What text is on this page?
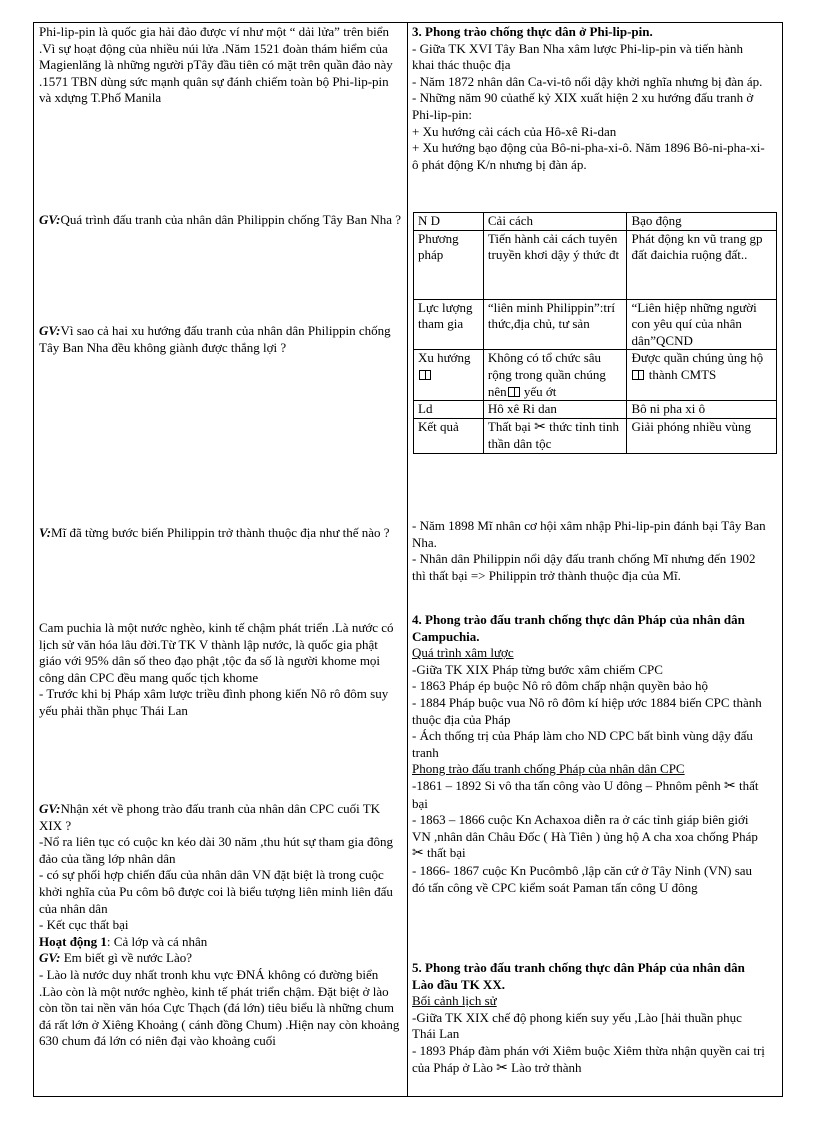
Phi-lip-pin là quốc gia hải đảo được ví như một “ dải lửa” trên biển .Vì sự hoạt động của nhiều núi lửa .Năm 1521 đoàn thám hiểm của Magienlăng là những người pTây đầu tiên có mặt trên quần đảo này .1571 TBN dùng sức mạnh quân sự đánh chiếm toàn bộ Phi-lip-pin và xdựng T.Phố Manila

GV:Quá trình đấu tranh của nhân dân Philippin chống Tây Ban Nha ?

GV:Vì sao cả hai xu hướng đấu tranh của nhân dân Philippin chống Tây Ban Nha đều không giành được thắng lợi ?

V:Mĩ đã từng bước biến Philippin trở thành thuộc địa như thế nào ?

Cam puchia là một nước nghèo, kinh tế chậm phát triển .Là nước có lịch sử văn hóa lâu đời.Từ TK V thành lập nước, là quốc gia phật giáo với 95% dân số theo đạo phật ,tộc đa số là người khome mọi công dân CPC đều mang quốc tịch khome
- Trước khi bị Pháp xâm lược triều đình phong kiến Nô rô đôm suy yếu phải thần phục Thái Lan

GV:Nhận xét về phong trào đấu tranh của nhân dân CPC cuối TK XIX ?

-Nổ ra liên tục có cuộc kn kéo dài 30 năm ,thu hút sự tham gia đông đảo của tầng lớp nhân dân

- có sự phối hợp chiến đấu của nhân dân VN đặt biệt là trong cuộc khởi nghĩa của Pu côm bô được coi là biểu tượng liên minh liên đấu của nhân dân

- Kết cục thất bại

Hoạt động 1: Cả lớp và cá nhân

GV: Em biết gì về nước Lào?

- Lào là nước duy nhất tronh khu vực ĐNÁ không có đường biển .Lào còn là một nước nghèo, kinh tế phát triển chậm. Đặt biệt ở lào còn tồn tai nền văn hóa Cực Thạch (đá lớn) tiêu biểu là những chum đá rất lớn ở Xiêng Khoảng ( cánh đồng Chum) .Hiện nay còn khoảng 630 chum đá lớn có niên đại vào khoảng cuối

3. Phong trào chống thực dân ở Phi-lip-pin.

- Giữa TK XVI Tây Ban Nha xâm lược Phi-lip-pin và tiến hành khai thác thuộc địa

- Năm 1872 nhân dân Ca-vi-tô nổi dậy khởi nghĩa nhưng bị đàn áp.

- Những năm 90 củathế kỷ XIX xuất hiện 2 xu hướng đấu tranh ở Phi-lip-pin:

+ Xu hướng cải cách của Hô-xê Ri-dan

+ Xu hướng bạo động của Bô-ni-pha-xi-ô. Năm 1896 Bô-ni-pha-xi-ô phát động K/n nhưng bị đàn áp.

N D	Cải cách	Bạo động
Phương pháp	Tiến hành cải cách tuyên truyền khơi dậy ý thức đt	Phát động kn vũ trang gp đất đaichia ruộng đất..
Lực lượng tham gia	“liên minh Philippin”:trí thức,địa chủ, tư sản	“Liên hiệp những người con yêu quí của nhân dân”QCND
Xu hướng	Không có tổ chức sâu rộng trong quần chúng nên yếu ớt	Được quần chúng ủng hộ thành CMTS
Ld	Hô xê Ri dan	Bô ni pha xi ô
Kết quả	Thất bại ✂ thức tỉnh tinh thần dân tộc	Giải phóng nhiều vùng

- Năm 1898 Mĩ nhân cơ hội xâm nhập Phi-lip-pin đánh bại Tây Ban Nha.

- Nhân dân Philippin nổi dậy đấu tranh chống Mĩ nhưng đến 1902 thì thất bại => Philippin trở thành thuộc địa của Mĩ.

4. Phong trào đấu tranh chống thực dân Pháp của nhân dân Campuchia.

Quá trình xâm lược

-Giữa TK XIX Pháp từng bước xâm chiếm CPC

- 1863 Pháp ép buộc Nô rô đôm chấp nhận quyền bảo hộ

- 1884 Pháp buộc vua Nô rô đôm kí hiệp ước 1884 biến CPC thành thuộc địa của Pháp

- Ách thống trị của Pháp làm cho ND CPC bất bình vùng dậy đấu tranh

Phong trào đấu tranh chống Pháp của nhân dân CPC

-1861 – 1892 Si vô tha tấn công vào U đông – Phnôm pênh ✂ thất bại

- 1863 – 1866 cuộc Kn Achaxoa diễn ra ở các tỉnh giáp biên giới VN ,nhân dân Châu Đốc ( Hà Tiên ) ủng hộ A cha xoa chống Pháp ✂ thất bại

- 1866- 1867 cuộc Kn Pucômbô ,lập căn cứ ở Tây Ninh (VN) sau đó tấn công về CPC kiểm soát Paman tấn công U đông

5. Phong trào đấu tranh chống thực dân Pháp của nhân dân Lào đầu TK XX.

Bối cảnh lịch sử

-Giữa TK XIX chế độ phong kiến suy yếu ,Lào [hải thuần phục Thái Lan

- 1893 Pháp đàm phán với Xiêm buộc Xiêm thừa nhận quyền cai trị của Pháp ở Lào ✂ Lào trở thành
